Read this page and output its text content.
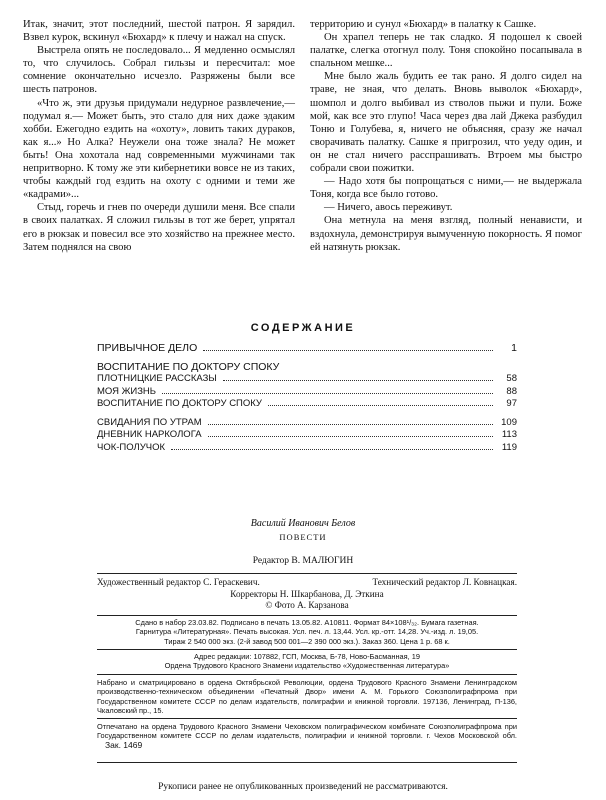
Итак, значит, этот последний, шестой патрон. Я зарядил. Взвел курок, вскинул «Бюхард» к плечу и нажал на спуск.

Выстрела опять не последовало... Я медленно осмыслял то, что случилось. Собрал гильзы и пересчитал: мое сомнение окончательно исчезло. Разряжены были все шесть патронов.

«Что ж, эти друзья придумали недурное развлечение,— подумал я.— Может быть, это стало для них даже эдаким хобби. Ежегодно ездить на «охоту», ловить таких дураков, как я...» Но Алка? Неужели она тоже знала? Не может быть! Она хохотала над современными мужчинами так непритворно. К тому же эти кибернетики вовсе не из таких, чтобы каждый год ездить на охоту с одними и теми же «кадрами»...

Стыд, горечь и гнев по очереди душили меня. Все спали в своих палатках. Я сложил гильзы в тот же берет, упрятал его в рюкзак и повесил все это хозяйство на прежнее место. Затем поднялся на свою

территорию и сунул «Бюхард» в палатку к Сашке.

Он храпел теперь не так сладко. Я подошел к своей палатке, слегка отогнул полу. Тоня спокойно посапывала в спальном мешке...

Мне было жаль будить ее так рано. Я долго сидел на траве, не зная, что делать. Вновь выволок «Бюхард», шомпол и долго выбивал из стволов пыжи и пули. Боже мой, как все это глупо! Часа через два лай Джека разбудил Тоню и Голубева, я, ничего не объясняя, сразу же начал сворачивать палатку. Сашке я пригрозил, что уеду один, и он не стал ничего расспрашивать. Втроем мы быстро собрали свои пожитки.

— Надо хотя бы попрощаться с ними,— не выдержала Тоня, когда все было готово.

— Ничего, авось переживут.

Она метнула на меня взгляд, полный ненависти, и вздохнула, демонстрируя вымученную покорность. Я помог ей натянуть рюкзак.

СОДЕРЖАНИЕ
ПРИВЫЧНОЕ ДЕЛО	1
ВОСПИТАНИЕ ПО ДОКТОРУ СПОКУ
ПЛОТНИЦКИЕ РАССКАЗЫ	58
МОЯ ЖИЗНЬ	88
ВОСПИТАНИЕ ПО ДОКТОРУ СПОКУ	97
СВИДАНИЯ ПО УТРАМ	109
ДНЕВНИК НАРКОЛОГА	113
ЧОК-ПОЛУЧОК	119
Василий Иванович Белов
ПОВЕСТИ
Редактор В. МАЛЮГИН
Художественный редактор С. Гераскевич.	Технический редактор Л. Ковнацкая.
Корректоры Н. Шкарбанова, Д. Эткина
© Фото А. Карзанова
Сдано в набор 23.03.82. Подписано в печать 13.05.82. А10811. Формат 84×108¹/₃₂. Бумага газетная.
Гарнитура «Литературная». Печать высокая. Усл. печ. л. 13,44. Усл. кр.-отт. 14,28. Уч.-изд. л. 19,05.
Тираж 2 540 000 экз. (2-й завод 500 001—2 390 000 экз.). Заказ 360. Цена 1 р. 68 к.
Адрес редакции: 107882, ГСП, Москва, Б-78, Ново-Басманная, 19
Ордена Трудового Красного Знамени издательство «Художественная литература»
Набрано и сматрицировано в ордена Октябрьской Революции, ордена Трудового Красного Знамени Ленинградском производственно-техническом объединении «Печатный Двор» имени А. М. Горького Союзполиграфпрома при Государственном комитете СССР по делам издательств, полиграфии и книжной торговли. 197136, Ленинград, П-136, Чкаловский пр., 15.
Отпечатано на ордена Трудового Красного Знамени Чеховском полиграфическом комбинате Союзполиграфпрома при Государственном комитете СССР по делам издательств, полиграфии и книжной торговли. г. Чехов Московской обл. Зак. 1469
Рукописи ранее не опубликованных произведений не рассматриваются.
